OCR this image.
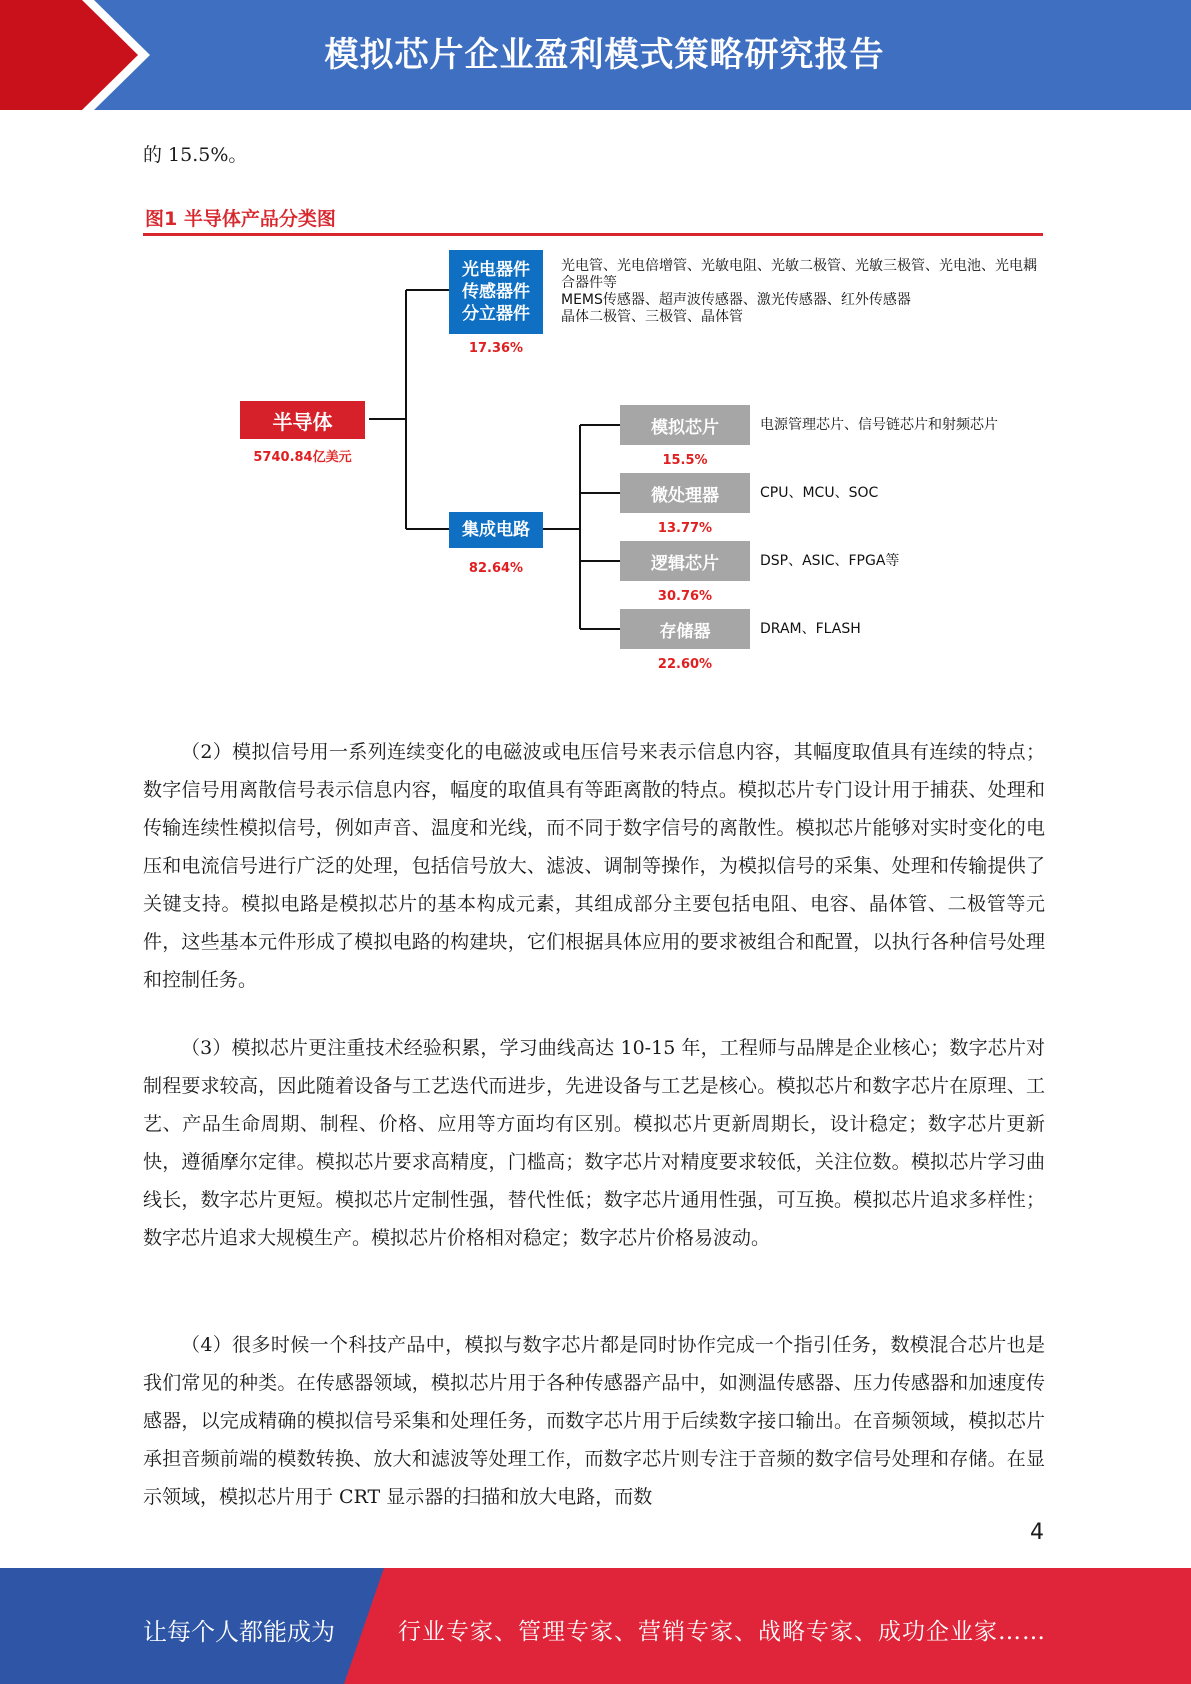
模拟芯片企业盈利模式策略研究报告
的 15.5%。
图1 半导体产品分类图
半导体
5740.84亿美元
光电器件
传感器件
分立器件
17.36%
光电管、光电倍增管、光敏电阻、光敏二极管、光敏三极管、光电池、光电耦合器件等
MEMS传感器、超声波传感器、激光传感器、红外传感器
晶体二极管、三极管、晶体管
集成电路
82.64%
模拟芯片
15.5%
电源管理芯片、信号链芯片和射频芯片
微处理器
13.77%
CPU、MCU、SOC
逻辑芯片
30.76%
DSP、ASIC、FPGA等
存储器
22.60%
DRAM、FLASH

（2）模拟信号用一系列连续变化的电磁波或电压信号来表示信息内容，其幅度取值具有连续的特点；数字信号用离散信号表示信息内容，幅度的取值具有等距离散的特点。模拟芯片专门设计用于捕获、处理和传输连续性模拟信号，例如声音、温度和光线，而不同于数字信号的离散性。模拟芯片能够对实时变化的电压和电流信号进行广泛的处理，包括信号放大、滤波、调制等操作，为模拟信号的采集、处理和传输提供了关键支持。模拟电路是模拟芯片的基本构成元素，其组成部分主要包括电阻、电容、晶体管、二极管等元件，这些基本元件形成了模拟电路的构建块，它们根据具体应用的要求被组合和配置，以执行各种信号处理和控制任务。

（3）模拟芯片更注重技术经验积累，学习曲线高达 10-15 年，工程师与品牌是企业核心；数字芯片对制程要求较高，因此随着设备与工艺迭代而进步，先进设备与工艺是核心。模拟芯片和数字芯片在原理、工艺、产品生命周期、制程、价格、应用等方面均有区别。模拟芯片更新周期长，设计稳定；数字芯片更新快，遵循摩尔定律。模拟芯片要求高精度，门槛高；数字芯片对精度要求较低，关注位数。模拟芯片学习曲线长，数字芯片更短。模拟芯片定制性强，替代性低；数字芯片通用性强，可互换。模拟芯片追求多样性；数字芯片追求大规模生产。模拟芯片价格相对稳定；数字芯片价格易波动。

（4）很多时候一个科技产品中，模拟与数字芯片都是同时协作完成一个指引任务，数模混合芯片也是我们常见的种类。在传感器领域，模拟芯片用于各种传感器产品中，如测温传感器、压力传感器和加速度传感器，以完成精确的模拟信号采集和处理任务，而数字芯片用于后续数字接口输出。在音频领域，模拟芯片承担音频前端的模数转换、放大和滤波等处理工作，而数字芯片则专注于音频的数字信号处理和存储。在显示领域，模拟芯片用于 CRT 显示器的扫描和放大电路，而数

4
让每个人都能成为	行业专家、管理专家、营销专家、战略专家、成功企业家……
